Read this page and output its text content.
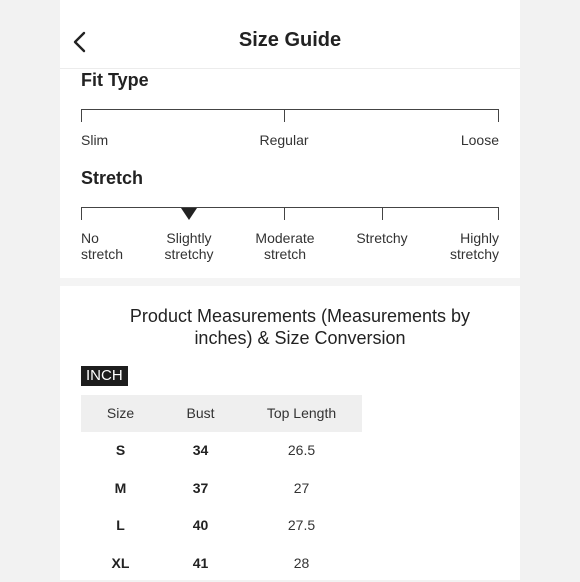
Size Guide
Fit Type
Slim	Regular	Loose
Stretch
No
stretch
Slightly
stretchy
Moderate
stretch
Stretchy	Highly
stretchy
Product Measurements (Measurements by inches) & Size Conversion
INCH
Size	Bust	Top Length
S	34	26.5
M	37	27
L	40	27.5
XL	41	28
